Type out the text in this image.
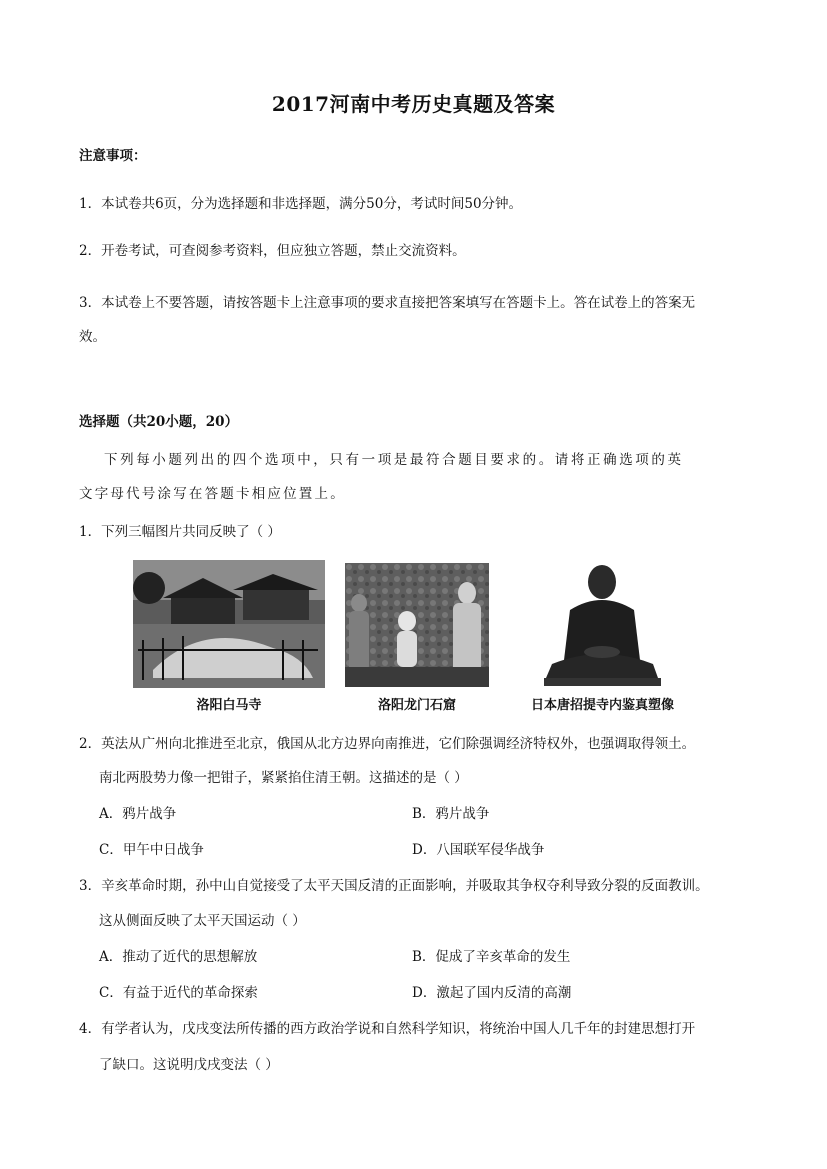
2017河南中考历史真题及答案
注意事项：
1．本试卷共6页，分为选择题和非选择题，满分50分，考试时间50分钟。
2．开卷考试，可查阅参考资料，但应独立答题，禁止交流资料。
3．本试卷上不要答题，请按答题卡上注意事项的要求直接把答案填写在答题卡上。答在试卷上的答案无
效。
选择题（共20小题，20）
下列每小题列出的四个选项中，只有一项是最符合题目要求的。请将正确选项的英
文字母代号涂写在答题卡相应位置上。
1．下列三幅图片共同反映了（ ）
洛阳白马寺	洛阳龙门石窟	日本唐招提寺内鉴真塑像
2．英法从广州向北推进至北京，俄国从北方边界向南推进，它们除强调经济特权外，也强调取得领土。
南北两股势力像一把钳子，紧紧掐住清王朝。这描述的是（ ）
A．鸦片战争	B．鸦片战争
C．甲午中日战争	D．八国联军侵华战争
3．辛亥革命时期，孙中山自觉接受了太平天国反清的正面影响，并吸取其争权夺利导致分裂的反面教训。
这从侧面反映了太平天国运动（ ）
A．推动了近代的思想解放	B．促成了辛亥革命的发生
C．有益于近代的革命探索	D．激起了国内反清的高潮
4．有学者认为，戊戌变法所传播的西方政治学说和自然科学知识，将统治中国人几千年的封建思想打开
了缺口。这说明戊戌变法（ ）
